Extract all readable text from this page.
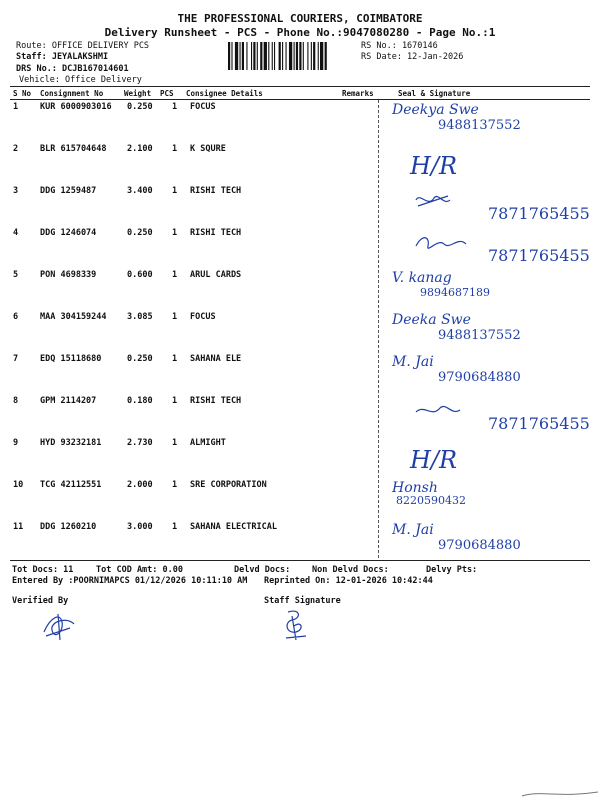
THE PROFESSIONAL COURIERS, COIMBATORE
Delivery Runsheet - PCS - Phone No.:9047080280 - Page No.:1
Route: OFFICE DELIVERY PCS
Staff: JEYALAKSHMI
DRS No.: DCJB167014601
Vehicle: Office Delivery
RS No.: 1670146
RS Date: 12-Jan-2026
S No Consignment No	Weight PCS Consignee Details	Remarks	Seal & Signature
1	KUR 6000903016 0.250 1 FOCUS	Deekya Swe
9488137552
2	BLR 615704648 2.100 1 K SQURE
H/R
3	DDG 1259487	3.400 1 RISHI TECH
7871765455
4	DDG 1246074	0.250 1 RISHI TECH
7871765455
5	PON 4698339	0.600 1 ARUL CARDS	V. kanag
9894687189
6	MAA 304159244 3.085 1 FOCUS	Deeka Swe
9488137552
7	EDQ 15118680	0.250 1 SAHANA ELE	M. Jai
9790684880
8	GPM 2114207	0.180 1 RISHI TECH
7871765455
9	HYD 93232181	2.730 1 ALMIGHT
H/R
10 TCG 42112551	2.000 1 SRE CORPORATION	Honsh
8220590432
11 DDG 1260210	3.000 1 SAHANA ELECTRICAL	M. Jai
9790684880
Tot Docs: 11	Tot COD Amt: 0.00	Delvd Docs:	Non Delvd Docs:	Delvy Pts:
Entered By :POORNIMAPCS 01/12/2026 10:11:10 AM Reprinted On: 12-01-2026 10:42:44
Verified By	Staff Signature
